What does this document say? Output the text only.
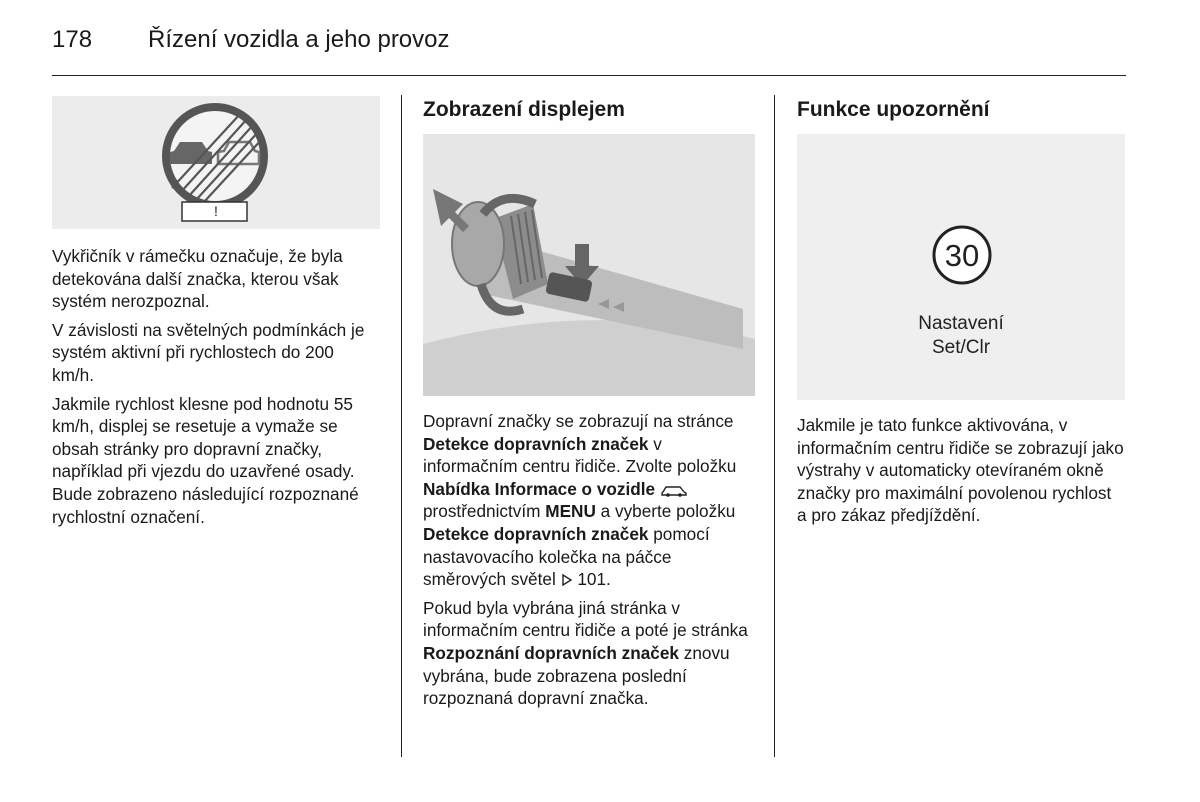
178	Řízení vozidla a jeho provoz
!

Vykřičník v rámečku označuje, že byla detekována další značka, kterou však systém nerozpoznal.

V závislosti na světelných podmínkách je systém aktivní při rychlostech do 200 km/h.

Jakmile rychlost klesne pod hodnotu 55 km/h, displej se resetuje a vymaže se obsah stránky pro dopravní značky, například při vjezdu do uzavřené osady. Bude zobrazeno následující rozpoznané rychlostní označení.

Zobrazení displejem

Dopravní značky se zobrazují na stránce Detekce dopravních značek v informačním centru řidiče. Zvolte položku Nabídka Informace o vozidle  prostřednictvím MENU a vyberte položku Detekce dopravních značek pomocí nastavovacího kolečka na páčce směrových světel  101.

Pokud byla vybrána jiná stránka v informačním centru řidiče a poté je stránka Rozpoznání dopravních značek znovu vybrána, bude zobrazena poslední rozpoznaná dopravní značka.

Funkce upozornění
30
Nastavení
Set/Clr

Jakmile je tato funkce aktivována, v informačním centru řidiče se zobrazují jako výstrahy v automaticky otevíraném okně značky pro maximální povolenou rychlost a pro zákaz předjíždění.
